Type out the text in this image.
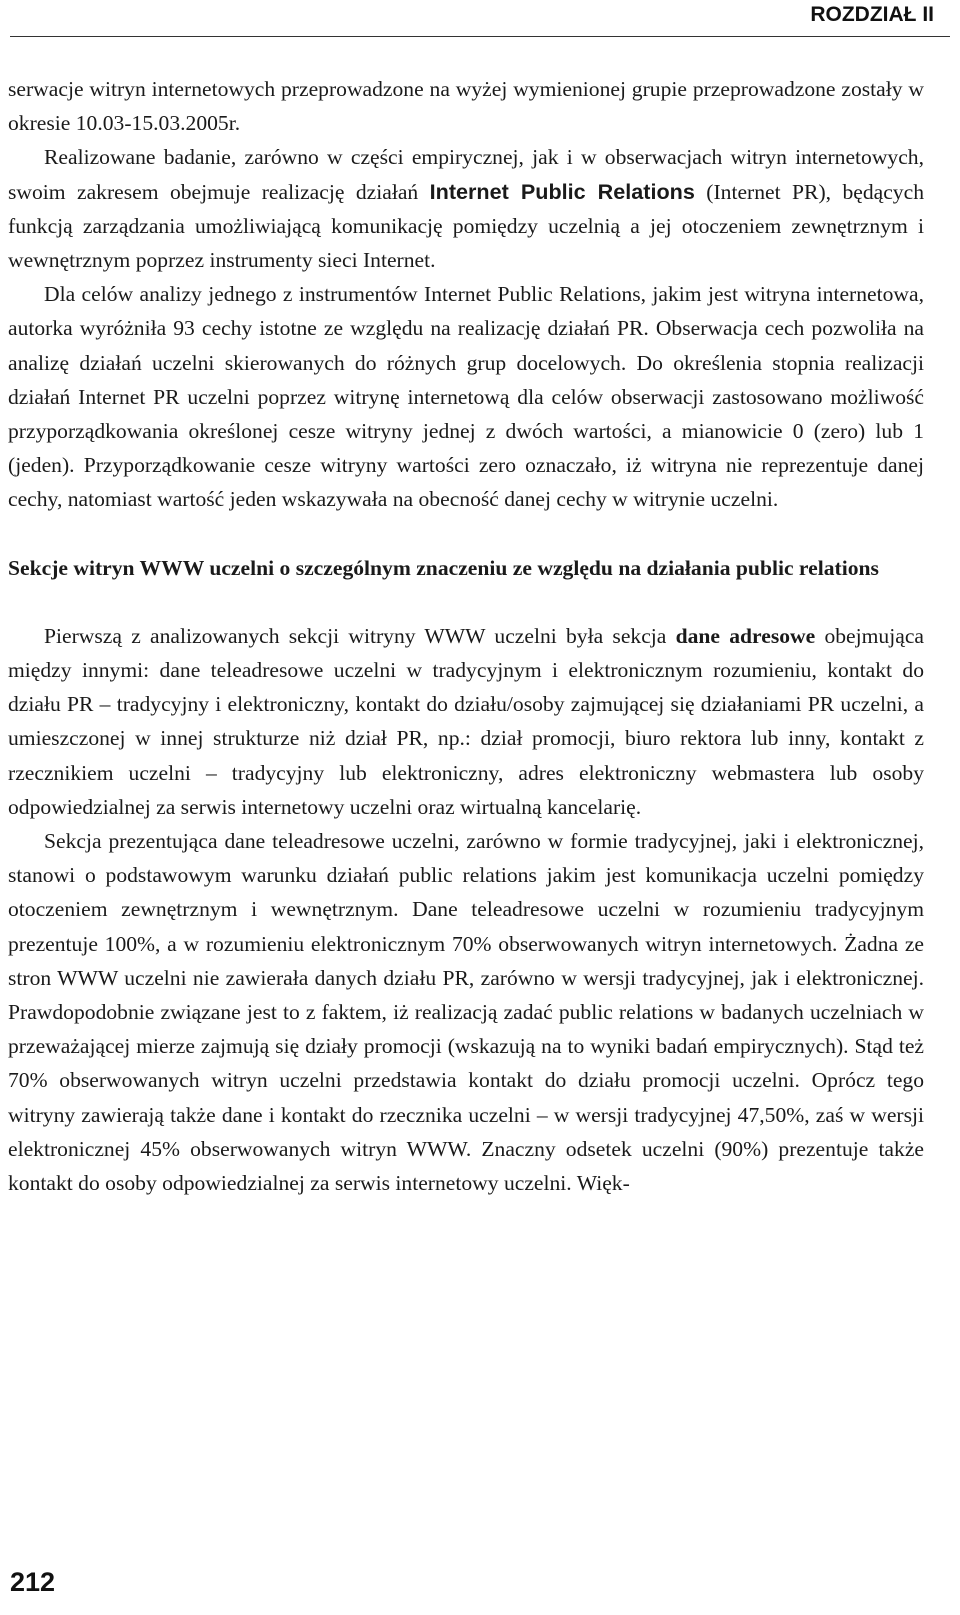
ROZDZIAŁ II

serwacje witryn internetowych przeprowadzone na wyżej wymienionej grupie przeprowadzone zostały w okresie 10.03-15.03.2005r.

Realizowane badanie, zarówno w części empirycznej, jak i w obserwacjach witryn internetowych, swoim zakresem obejmuje realizację działań Internet Public Relations (Internet PR), będących funkcją zarządzania umożliwiającą komunikację pomiędzy uczelnią a jej otoczeniem zewnętrznym i wewnętrznym poprzez instrumenty sieci Internet.

Dla celów analizy jednego z instrumentów Internet Public Relations, jakim jest witryna internetowa, autorka wyróżniła 93 cechy istotne ze względu na realizację działań PR. Obserwacja cech pozwoliła na analizę działań uczelni skierowanych do różnych grup docelowych. Do określenia stopnia realizacji działań Internet PR uczelni poprzez witrynę internetową dla celów obserwacji zastosowano możliwość przyporządkowania określonej cesze witryny jednej z dwóch wartości, a mianowicie 0 (zero) lub 1 (jeden). Przyporządkowanie cesze witryny wartości zero oznaczało, iż witryna nie reprezentuje danej cechy, natomiast wartość jeden wskazywała na obecność danej cechy w witrynie uczelni.

Sekcje witryn WWW uczelni o szczególnym znaczeniu ze względu na działania public relations

Pierwszą z analizowanych sekcji witryny WWW uczelni była sekcja dane adresowe obejmująca między innymi: dane teleadresowe uczelni w tradycyjnym i elektronicznym rozumieniu, kontakt do działu PR – tradycyjny i elektroniczny, kontakt do działu/osoby zajmującej się działaniami PR uczelni, a umieszczonej w innej strukturze niż dział PR, np.: dział promocji, biuro rektora lub inny, kontakt z rzecznikiem uczelni – tradycyjny lub elektroniczny, adres elektroniczny webmastera lub osoby odpowiedzialnej za serwis internetowy uczelni oraz wirtualną kancelarię.

Sekcja prezentująca dane teleadresowe uczelni, zarówno w formie tradycyjnej, jaki i elektronicznej, stanowi o podstawowym warunku działań public relations jakim jest komunikacja uczelni pomiędzy otoczeniem zewnętrznym i wewnętrznym. Dane teleadresowe uczelni w rozumieniu tradycyjnym prezentuje 100%, a w rozumieniu elektronicznym 70% obserwowanych witryn internetowych. Żadna ze stron WWW uczelni nie zawierała danych działu PR, zarówno w wersji tradycyjnej, jak i elektronicznej. Prawdopodobnie związane jest to z faktem, iż realizacją zadać public relations w badanych uczelniach w przeważającej mierze zajmują się działy promocji (wskazują na to wyniki badań empirycznych). Stąd też 70% obserwowanych witryn uczelni przedstawia kontakt do działu promocji uczelni. Oprócz tego witryny zawierają także dane i kontakt do rzecznika uczelni – w wersji tradycyjnej 47,50%, zaś w wersji elektronicznej 45% obserwowanych witryn WWW. Znaczny odsetek uczelni (90%) prezentuje także kontakt do osoby odpowiedzialnej za serwis internetowy uczelni. Więk-

212
